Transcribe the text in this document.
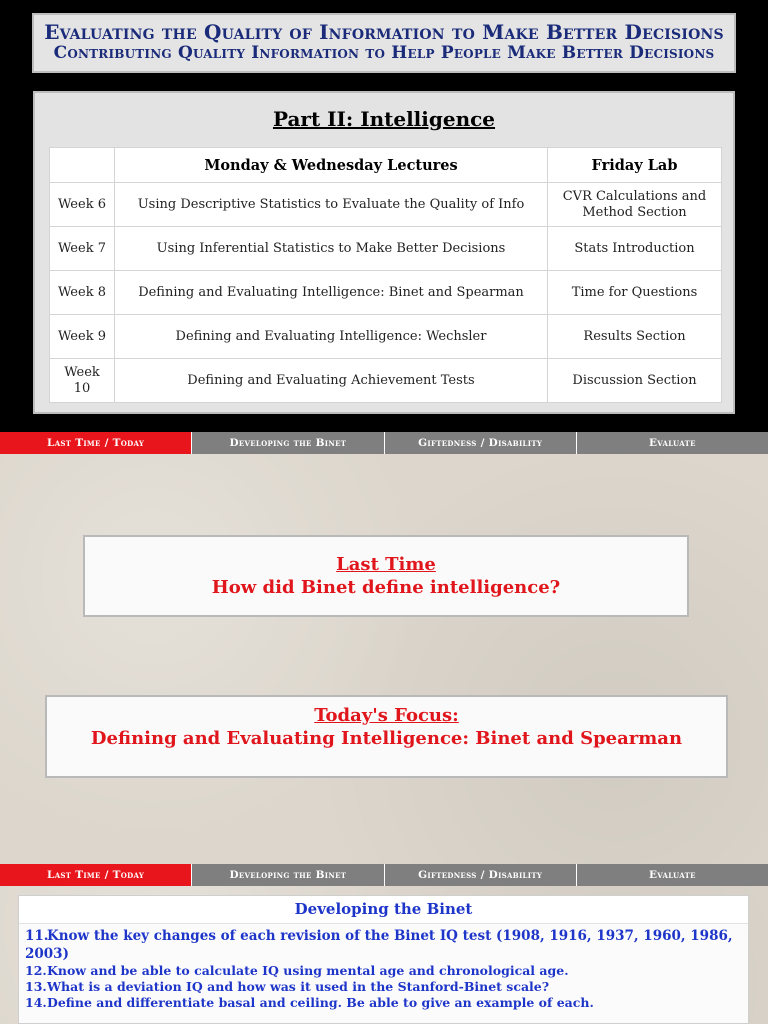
Evaluating the Quality of Information to Make Better Decisions
Contributing Quality Information to Help People Make Better Decisions
Part II: Intelligence
	Monday & Wednesday Lectures	Friday Lab
Week 6	Using Descriptive Statistics to Evaluate the Quality of Info	CVR Calculations and Method Section
Week 7	Using Inferential Statistics to Make Better Decisions	Stats Introduction
Week 8	Defining and Evaluating Intelligence: Binet and Spearman	Time for Questions
Week 9	Defining and Evaluating Intelligence: Wechsler	Results Section
Week 10	Defining and Evaluating Achievement Tests	Discussion Section
Last Time / Today	Developing the Binet	Giftedness / Disability	Evaluate
Last Time
How did Binet define intelligence?
Today's Focus:
Defining and Evaluating Intelligence: Binet and Spearman
Last Time / Today	Developing the Binet	Giftedness / Disability	Evaluate
Developing the Binet
11.Know the key changes of each revision of the Binet IQ test (1908, 1916, 1937, 1960, 1986, 2003)
12.Know and be able to calculate IQ using mental age and chronological age.
13.What is a deviation IQ and how was it used in the Stanford-Binet scale?
14.Define and differentiate basal and ceiling. Be able to give an example of each.
